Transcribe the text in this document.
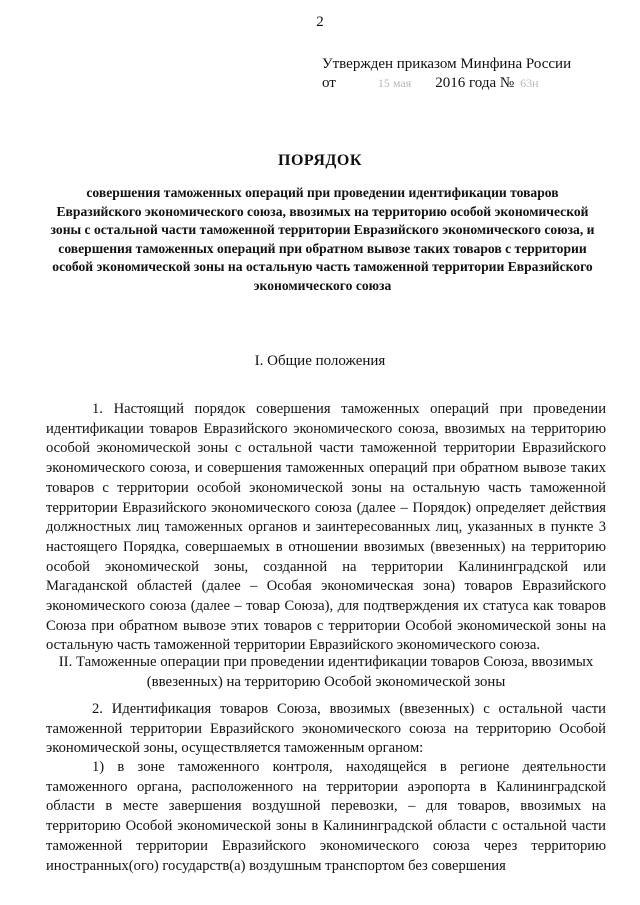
2
Утвержден приказом Минфина России
от	15 мая 2016 года № 63н
ПОРЯДОК
совершения таможенных операций при проведении идентификации товаров Евразийского экономического союза, ввозимых на территорию особой экономической зоны с остальной части таможенной территории Евразийского экономического союза, и совершения таможенных операций при обратном вывозе таких товаров с территории особой экономической зоны на остальную часть таможенной территории Евразийского экономического союза
I. Общие положения

1. Настоящий порядок совершения таможенных операций при проведении идентификации товаров Евразийского экономического союза, ввозимых на территорию особой экономической зоны с остальной части таможенной территории Евразийского экономического союза, и совершения таможенных операций при обратном вывозе таких товаров с территории особой экономической зоны на остальную часть таможенной территории Евразийского экономического союза (далее – Порядок) определяет действия должностных лиц таможенных органов и заинтересованных лиц, указанных в пункте 3 настоящего Порядка, совершаемых в отношении ввозимых (ввезенных) на территорию особой экономической зоны, созданной на территории Калининградской или Магаданской областей (далее – Особая экономическая зона) товаров Евразийского экономического союза (далее – товар Союза), для подтверждения их статуса как товаров Союза при обратном вывозе этих товаров с территории Особой экономической зоны на остальную часть таможенной территории Евразийского экономического союза.

II. Таможенные операции при проведении идентификации товаров Союза, ввозимых (ввезенных) на территорию Особой экономической зоны

2. Идентификация товаров Союза, ввозимых (ввезенных) с остальной части таможенной территории Евразийского экономического союза на территорию Особой экономической зоны, осуществляется таможенным органом:

1) в зоне таможенного контроля, находящейся в регионе деятельности таможенного органа, расположенного на территории аэропорта в Калининградской области в месте завершения воздушной перевозки, – для товаров, ввозимых на территорию Особой экономической зоны в Калининградской области с остальной части таможенной территории Евразийского экономического союза через территорию иностранных(ого) государств(а) воздушным транспортом без совершения
